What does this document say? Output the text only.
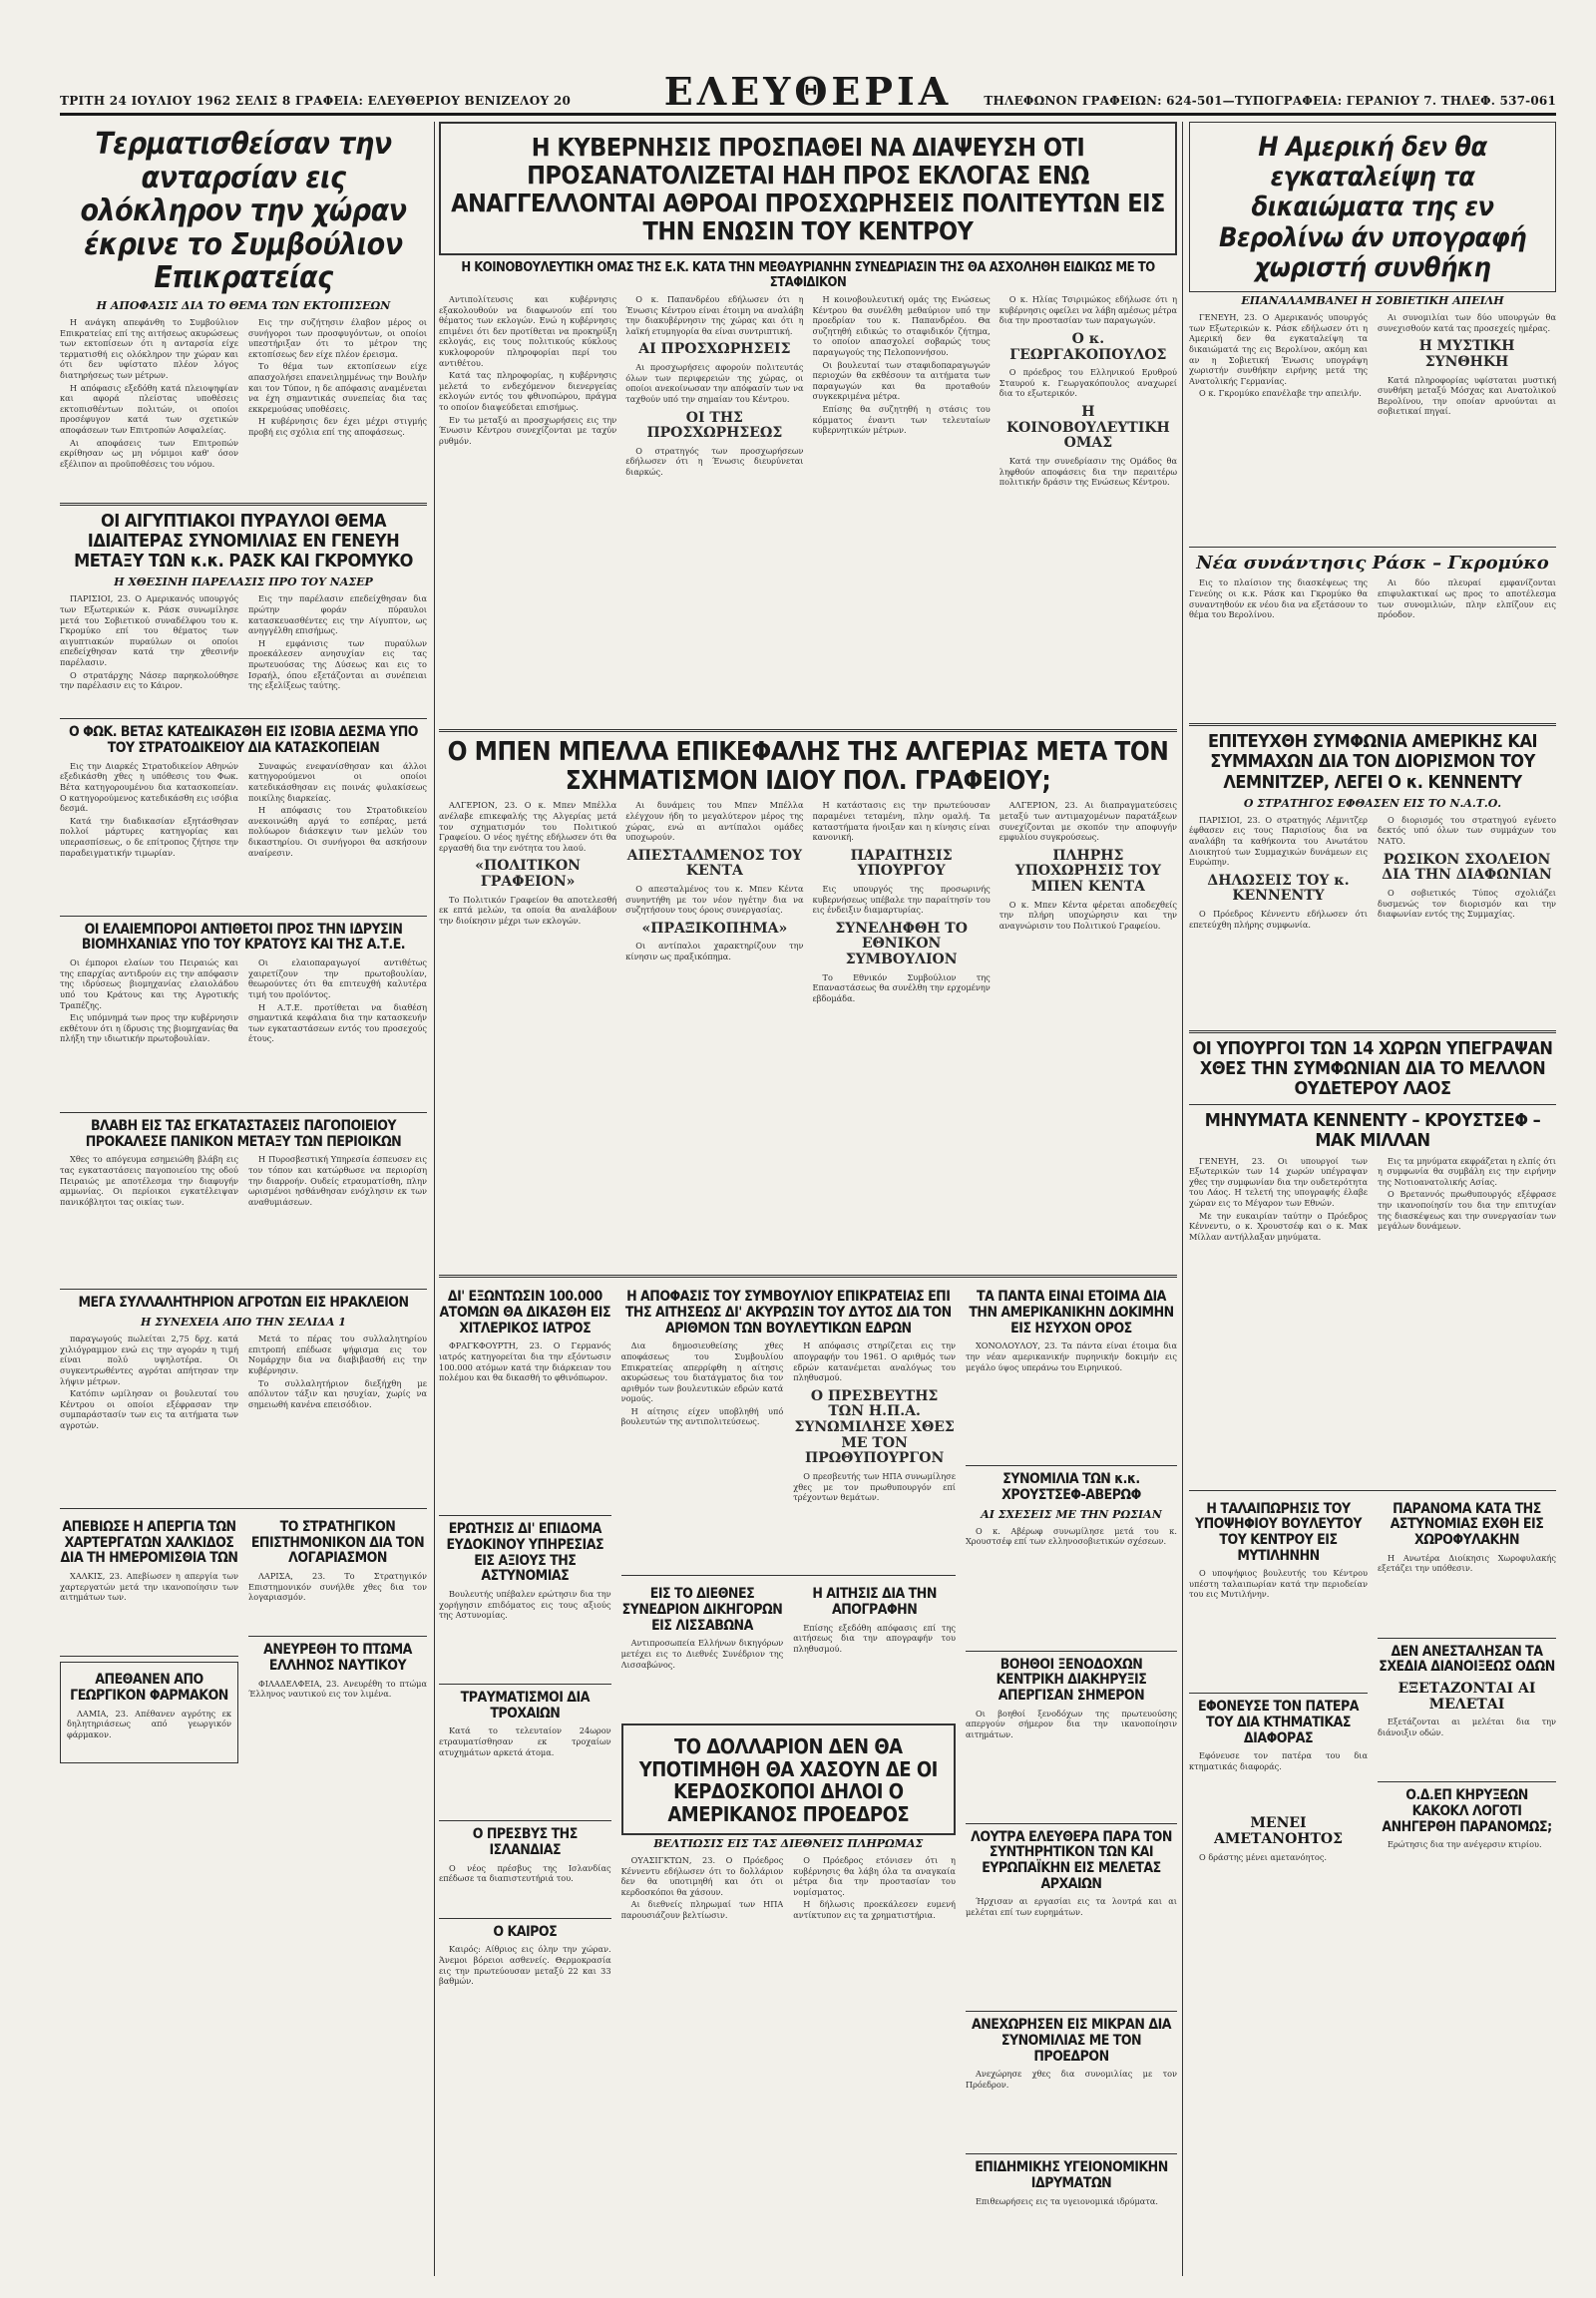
ΤΡΙΤΗ 24 ΙΟΥΛΙΟΥ 1962 ΣΕΛΙΣ 8 ΓΡΑΦΕΙΑ: ΕΛΕΥΘΕΡΙΟΥ ΒΕΝΙΖΕΛΟΥ 20	ΕΛΕΥΘΕΡΙΑ	ΤΗΛΕΦΩΝΟΝ ΓΡΑΦΕΙΩΝ: 624-501—ΤΥΠΟΓΡΑΦΕΙΑ: ΓΕΡΑΝΙΟΥ 7. ΤΗΛΕΦ. 537-061
Τερματισθείσαν την ανταρσίαν εις ολόκληρον την χώραν έκρινε το Συμβούλιον Επικρατείας
Η ΑΠΟΦΑΣΙΣ ΔΙΑ ΤΟ ΘΕΜΑ ΤΩΝ ΕΚΤΟΠΙΣΕΩΝ

Η ανάγκη απεφάνθη το Συμβούλιον Επικρατείας επί της αιτήσεως ακυρώσεως των εκτοπίσεων ότι η ανταρσία είχε τερματισθή εις ολόκληρον την χώραν και ότι δεν υφίστατο πλέον λόγος διατηρήσεως των μέτρων.

Η απόφασις εξεδόθη κατά πλειοψηφίαν και αφορά πλείστας υποθέσεις εκτοπισθέντων πολιτών, οι οποίοι προσέφυγον κατά των σχετικών αποφάσεων των Επιτροπών Ασφαλείας.

Αι αποφάσεις των Επιτροπών εκρίθησαν ως μη νόμιμοι καθ' όσον εξέλιπον αι προϋποθέσεις του νόμου.

Εις την συζήτησιν έλαβον μέρος οι συνήγοροι των προσφυγόντων, οι οποίοι υπεστήριξαν ότι το μέτρον της εκτοπίσεως δεν είχε πλέον έρεισμα.

Το θέμα των εκτοπίσεων είχε απασχολήσει επανειλημμένως την Βουλήν και τον Τύπον, η δε απόφασις αναμένεται να έχη σημαντικάς συνεπείας δια τας εκκρεμούσας υποθέσεις.

Η κυβέρνησις δεν έχει μέχρι στιγμής προβή εις σχόλια επί της αποφάσεως.

ΟΙ ΑΙΓΥΠΤΙΑΚΟΙ ΠΥΡΑΥΛΟΙ ΘΕΜΑ ΙΔΙΑΙΤΕΡΑΣ ΣΥΝΟΜΙΛΙΑΣ ΕΝ ΓΕΝΕΥΗ ΜΕΤΑΞΥ ΤΩΝ κ.κ. ΡΑΣΚ ΚΑΙ ΓΚΡΟΜΥΚΟ
Η ΧΘΕΣΙΝΗ ΠΑΡΕΛΑΣΙΣ ΠΡΟ ΤΟΥ ΝΑΣΕΡ

ΠΑΡΙΣΙΟΙ, 23. Ο Αμερικανός υπουργός των Εξωτερικών κ. Ράσκ συνωμίλησε μετά του Σοβιετικού συναδέλφου του κ. Γκρομύκο επί του θέματος των αιγυπτιακών πυραύλων οι οποίοι επεδείχθησαν κατά την χθεσινήν παρέλασιν.

Ο στρατάρχης Νάσερ παρηκολούθησε την παρέλασιν εις το Κάιρον.

Εις την παρέλασιν επεδείχθησαν δια πρώτην φοράν πύραυλοι κατασκευασθέντες εις την Αίγυπτον, ως ανηγγέλθη επισήμως.

Η εμφάνισις των πυραύλων προεκάλεσεν ανησυχίαν εις τας πρωτευούσας της Δύσεως και εις το Ισραήλ, όπου εξετάζονται αι συνέπειαι της εξελίξεως ταύτης.

Ο ΦΩΚ. ΒΕΤΑΣ ΚΑΤΕΔΙΚΑΣΘΗ ΕΙΣ ΙΣΟΒΙΑ ΔΕΣΜΑ ΥΠΟ ΤΟΥ ΣΤΡΑΤΟΔΙΚΕΙΟΥ ΔΙΑ ΚΑΤΑΣΚΟΠΕΙΑΝ

Εις την Διαρκές Στρατοδικείον Αθηνών εξεδικάσθη χθες η υπόθεσις του Φωκ. Βέτα κατηγορουμένου δια κατασκοπείαν. Ο κατηγορούμενος κατεδικάσθη εις ισόβια δεσμά.

Κατά την διαδικασίαν εξητάσθησαν πολλοί μάρτυρες κατηγορίας και υπερασπίσεως, ο δε επίτροπος ζήτησε την παραδειγματικήν τιμωρίαν.

Συναφώς ενεφανίσθησαν και άλλοι κατηγορούμενοι οι οποίοι κατεδικάσθησαν εις ποινάς φυλακίσεως ποικίλης διαρκείας.

Η απόφασις του Στρατοδικείου ανεκοινώθη αργά το εσπέρας, μετά πολύωρον διάσκεψιν των μελών του δικαστηρίου. Οι συνήγοροι θα ασκήσουν αναίρεσιν.

ΟΙ ΕΛΑΙΕΜΠΟΡΟΙ ΑΝΤΙΘΕΤΟΙ ΠΡΟΣ ΤΗΝ ΙΔΡΥΣΙΝ ΒΙΟΜΗΧΑΝΙΑΣ ΥΠΟ ΤΟΥ ΚΡΑΤΟΥΣ ΚΑΙ ΤΗΣ Α.Τ.Ε.

Οι έμποροι ελαίων του Πειραιώς και της επαρχίας αντιδρούν εις την απόφασιν της ιδρύσεως βιομηχανίας ελαιολάδου υπό του Κράτους και της Αγροτικής Τραπέζης.

Εις υπόμνημά των προς την κυβέρνησιν εκθέτουν ότι η ίδρυσις της βιομηχανίας θα πλήξη την ιδιωτικήν πρωτοβουλίαν.

Οι ελαιοπαραγωγοί αντιθέτως χαιρετίζουν την πρωτοβουλίαν, θεωρούντες ότι θα επιτευχθή καλυτέρα τιμή του προϊόντος.

Η Α.Τ.Ε. προτίθεται να διαθέση σημαντικά κεφάλαια δια την κατασκευήν των εγκαταστάσεων εντός του προσεχούς έτους.

ΒΛΑΒΗ ΕΙΣ ΤΑΣ ΕΓΚΑΤΑΣΤΑΣΕΙΣ ΠΑΓΟΠΟΙΕΙΟΥ ΠΡΟΚΑΛΕΣΕ ΠΑΝΙΚΟΝ ΜΕΤΑΞΥ ΤΩΝ ΠΕΡΙΟΙΚΩΝ

Χθες το απόγευμα εσημειώθη βλάβη εις τας εγκαταστάσεις παγοποιείου της οδού Πειραιώς με αποτέλεσμα την διαφυγήν αμμωνίας. Οι περίοικοι εγκατέλειψαν πανικόβλητοι τας οικίας των.

Η Πυροσβεστική Υπηρεσία έσπευσεν εις τον τόπον και κατώρθωσε να περιορίση την διαρροήν. Ουδείς ετραυματίσθη, πλην ωρισμένοι ησθάνθησαν ενόχλησιν εκ των αναθυμιάσεων.

ΜΕΓΑ ΣΥΛΛΑΛΗΤΗΡΙΟΝ ΑΓΡΟΤΩΝ ΕΙΣ ΗΡΑΚΛΕΙΟΝ
Η ΣΥΝΕΧΕΙΑ ΑΠΟ ΤΗΝ ΣΕΛΙΔΑ 1

παραγωγούς πωλείται 2,75 δρχ. κατά χιλιόγραμμον ενώ εις την αγοράν η τιμή είναι πολύ υψηλοτέρα. Οι συγκεντρωθέντες αγρόται απήτησαν την λήψιν μέτρων.

Κατόπιν ωμίλησαν οι βουλευταί του Κέντρου οι οποίοι εξέφρασαν την συμπαράστασίν των εις τα αιτήματα των αγροτών.

Μετά το πέρας του συλλαλητηρίου επιτροπή επέδωσε ψήφισμα εις τον Νομάρχην δια να διαβιβασθή εις την κυβέρνησιν.

Το συλλαλητήριον διεξήχθη με απόλυτον τάξιν και ησυχίαν, χωρίς να σημειωθή κανένα επεισόδιον.

ΑΠΕΒΙΩΣΕ Η ΑΠΕΡΓΙΑ ΤΩΝ ΧΑΡΤΕΡΓΑΤΩΝ ΧΑΛΚΙΔΟΣ ΔΙΑ ΤΗ ΗΜΕΡΟΜΙΣΘΙΑ ΤΩΝ

ΧΑΛΚΙΣ, 23. Απεβίωσεν η απεργία των χαρτεργατών μετά την ικανοποίησιν των αιτημάτων των.

ΑΠΕΘΑΝΕΝ ΑΠΟ ΓΕΩΡΓΙΚΟΝ ΦΑΡΜΑΚΟΝ

ΛΑΜΙΑ, 23. Απέθανεν αγρότης εκ δηλητηριάσεως από γεωργικόν φάρμακον.

ΤΟ ΣΤΡΑΤΗΓΙΚΟΝ ΕΠΙΣΤΗΜΟΝΙΚΟΝ ΔΙΑ ΤΟΝ ΛΟΓΑΡΙΑΣΜΟΝ

ΛΑΡΙΣΑ, 23. Το Στρατηγικόν Επιστημονικόν συνήλθε χθες δια τον λογαριασμόν.

ΑΝΕΥΡΕΘΗ ΤΟ ΠΤΩΜΑ ΕΛΛΗΝΟΣ ΝΑΥΤΙΚΟΥ

ΦΙΛΑΔΕΛΦΕΙΑ, 23. Ανευρέθη το πτώμα Έλληνος ναυτικού εις τον λιμένα.

Η ΚΥΒΕΡΝΗΣΙΣ ΠΡΟΣΠΑΘΕΙ ΝΑ ΔΙΑΨΕΥΣΗ ΟΤΙ ΠΡΟΣΑΝΑΤΟΛΙΖΕΤΑΙ ΗΔΗ ΠΡΟΣ ΕΚΛΟΓΑΣ ΕΝΩ ΑΝΑΓΓΕΛΛΟΝΤΑΙ ΑΘΡΟΑΙ ΠΡΟΣΧΩΡΗΣΕΙΣ ΠΟΛΙΤΕΥΤΩΝ ΕΙΣ ΤΗΝ ΕΝΩΣΙΝ ΤΟΥ ΚΕΝΤΡΟΥ
Η ΚΟΙΝΟΒΟΥΛΕΥΤΙΚΗ ΟΜΑΣ ΤΗΣ Ε.Κ. ΚΑΤΑ ΤΗΝ ΜΕΘΑΥΡΙΑΝΗΝ ΣΥΝΕΔΡΙΑΣΙΝ ΤΗΣ ΘΑ ΑΣΧΟΛΗΘΗ ΕΙΔΙΚΩΣ ΜΕ ΤΟ ΣΤΑΦΙΔΙΚΟΝ

Αντιπολίτευσις και κυβέρνησις εξακολουθούν να διαφωνούν επί του θέματος των εκλογών. Ενώ η κυβέρνησις επιμένει ότι δεν προτίθεται να προκηρύξη εκλογάς, εις τους πολιτικούς κύκλους κυκλοφορούν πληροφορίαι περί του αντιθέτου.

Κατά τας πληροφορίας, η κυβέρνησις μελετά το ενδεχόμενον διενεργείας εκλογών εντός του φθινοπώρου, πράγμα το οποίον διαψεύδεται επισήμως.

Εν τω μεταξύ αι προσχωρήσεις εις την Ένωσιν Κέντρου συνεχίζονται με ταχύν ρυθμόν.

Ο κ. Παπανδρέου εδήλωσεν ότι η Ένωσις Κέντρου είναι έτοιμη να αναλάβη την διακυβέρνησιν της χώρας και ότι η λαϊκή ετυμηγορία θα είναι συντριπτική.

ΑΙ ΠΡΟΣΧΩΡΗΣΕΙΣ

Αι προσχωρήσεις αφορούν πολιτευτάς όλων των περιφερειών της χώρας, οι οποίοι ανεκοίνωσαν την απόφασίν των να ταχθούν υπό την σημαίαν του Κέντρου.

ΟΙ ΤΗΣ ΠΡΟΣΧΩΡΗΣΕΩΣ

Ο στρατηγός των προσχωρήσεων εδήλωσεν ότι η Ένωσις διευρύνεται διαρκώς.

Η κοινοβουλευτική ομάς της Ενώσεως Κέντρου θα συνέλθη μεθαύριον υπό την προεδρίαν του κ. Παπανδρέου. Θα συζητηθή ειδικώς το σταφιδικόν ζήτημα, το οποίον απασχολεί σοβαρώς τους παραγωγούς της Πελοποννήσου.

Οι βουλευταί των σταφιδοπαραγωγών περιοχών θα εκθέσουν τα αιτήματα των παραγωγών και θα προταθούν συγκεκριμένα μέτρα.

Επίσης θα συζητηθή η στάσις του κόμματος έναντι των τελευταίων κυβερνητικών μέτρων.

Ο κ. Ηλίας Τσιριμώκος εδήλωσε ότι η κυβέρνησις οφείλει να λάβη αμέσως μέτρα δια την προστασίαν των παραγωγών.

Ο κ. ΓΕΩΡΓΑΚΟΠΟΥΛΟΣ

Ο πρόεδρος του Ελληνικού Ερυθρού Σταυρού κ. Γεωργακόπουλος αναχωρεί δια το εξωτερικόν.

Η ΚΟΙΝΟΒΟΥΛΕΥΤΙΚΗ ΟΜΑΣ

Κατά την συνεδρίασιν της Ομάδος θα ληφθούν αποφάσεις δια την περαιτέρω πολιτικήν δράσιν της Ενώσεως Κέντρου.

Ο ΜΠΕΝ ΜΠΕΛΛΑ ΕΠΙΚΕΦΑΛΗΣ ΤΗΣ ΑΛΓΕΡΙΑΣ ΜΕΤΑ ΤΟΝ ΣΧΗΜΑΤΙΣΜΟΝ ΙΔΙΟΥ ΠΟΛ. ΓΡΑΦΕΙΟΥ;

ΑΛΓΕΡΙΟΝ, 23. Ο κ. Μπεν Μπέλλα ανέλαβε επικεφαλής της Αλγερίας μετά τον σχηματισμόν του Πολιτικού Γραφείου. Ο νέος ηγέτης εδήλωσεν ότι θα εργασθή δια την ενότητα του λαού.

«ΠΟΛΙΤΙΚΟΝ ΓΡΑΦΕΙΟΝ»

Το Πολιτικόν Γραφείον θα αποτελεσθή εκ επτά μελών, τα οποία θα αναλάβουν την διοίκησιν μέχρι των εκλογών.

Αι δυνάμεις του Μπεν Μπέλλα ελέγχουν ήδη το μεγαλύτερον μέρος της χώρας, ενώ αι αντίπαλοι ομάδες υποχωρούν.

ΑΠΕΣΤΑΛΜΕΝΟΣ ΤΟΥ ΚΕΝΤΑ

Ο απεσταλμένος του κ. Μπεν Κέντα συνηντήθη με τον νέον ηγέτην δια να συζητήσουν τους όρους συνεργασίας.

«ΠΡΑΞΙΚΟΠΗΜΑ»

Οι αντίπαλοι χαρακτηρίζουν την κίνησιν ως πραξικόπημα.

Η κατάστασις εις την πρωτεύουσαν παραμένει τεταμένη, πλην ομαλή. Τα καταστήματα ήνοιξαν και η κίνησις είναι κανονική.

ΠΑΡΑΙΤΗΣΙΣ ΥΠΟΥΡΓΟΥ

Εις υπουργός της προσωρινής κυβερνήσεως υπέβαλε την παραίτησίν του εις ένδειξιν διαμαρτυρίας.

ΣΥΝΕΛΗΦΘΗ ΤΟ ΕΘΝΙΚΟΝ ΣΥΜΒΟΥΛΙΟΝ

Το Εθνικόν Συμβούλιον της Επαναστάσεως θα συνέλθη την ερχομένην εβδομάδα.

ΑΛΓΕΡΙΟΝ, 23. Αι διαπραγματεύσεις μεταξύ των αντιμαχομένων παρατάξεων συνεχίζονται με σκοπόν την αποφυγήν εμφυλίου συγκρούσεως.

ΠΛΗΡΗΣ ΥΠΟΧΩΡΗΣΙΣ ΤΟΥ ΜΠΕΝ ΚΕΝΤΑ

Ο κ. Μπεν Κέντα φέρεται αποδεχθείς την πλήρη υποχώρησιν και την αναγνώρισιν του Πολιτικού Γραφείου.

ΔΙ' ΕΞΩΝΤΩΣΙΝ 100.000 ΑΤΟΜΩΝ ΘΑ ΔΙΚΑΣΘΗ ΕΙΣ ΧΙΤΛΕΡΙΚΟΣ ΙΑΤΡΟΣ

ΦΡΑΓΚΦΟΥΡΤΗ, 23. Ο Γερμανός ιατρός κατηγορείται δια την εξόντωσιν 100.000 ατόμων κατά την διάρκειαν του πολέμου και θα δικασθή το φθινόπωρον.

ΕΡΩΤΗΣΙΣ ΔΙ' ΕΠΙΔΟΜΑ ΕΥΔΟΚΙΝΟΥ ΥΠΗΡΕΣΙΑΣ ΕΙΣ ΑΞΙΟΥΣ ΤΗΣ ΑΣΤΥΝΟΜΙΑΣ

Βουλευτής υπέβαλεν ερώτησιν δια την χορήγησιν επιδόματος εις τους αξιούς της Αστυνομίας.

ΤΡΑΥΜΑΤΙΣΜΟΙ ΔΙΑ ΤΡΟΧΑΙΩΝ

Κατά το τελευταίον 24ωρον ετραυματίσθησαν εκ τροχαίων ατυχημάτων αρκετά άτομα.

Ο ΠΡΕΣΒΥΣ ΤΗΣ ΙΣΛΑΝΔΙΑΣ

Ο νέος πρέσβυς της Ισλανδίας επέδωσε τα διαπιστευτήριά του.

Ο ΚΑΙΡΟΣ

Καιρός: Αίθριος εις όλην την χώραν. Άνεμοι βόρειοι ασθενείς. Θερμοκρασία εις την πρωτεύουσαν μεταξύ 22 και 33 βαθμών.

Η ΑΠΟΦΑΣΙΣ ΤΟΥ ΣΥΜΒΟΥΛΙΟΥ ΕΠΙΚΡΑΤΕΙΑΣ ΕΠΙ ΤΗΣ ΑΙΤΗΣΕΩΣ ΔΙ' ΑΚΥΡΩΣΙΝ ΤΟΥ ΔΥΤΟΣ ΔΙΑ ΤΟΝ ΑΡΙΘΜΟΝ ΤΩΝ ΒΟΥΛΕΥΤΙΚΩΝ ΕΔΡΩΝ

Δια δημοσιευθείσης χθες αποφάσεως του Συμβουλίου Επικρατείας απερρίφθη η αίτησις ακυρώσεως του διατάγματος δια τον αριθμόν των βουλευτικών εδρών κατά νομούς.

Η αίτησις είχεν υποβληθή υπό βουλευτών της αντιπολιτεύσεως.

Η απόφασις στηρίζεται εις την απογραφήν του 1961. Ο αριθμός των εδρών κατανέμεται αναλόγως του πληθυσμού.

Ο ΠΡΕΣΒΕΥΤΗΣ ΤΩΝ Η.Π.Α. ΣΥΝΩΜΙΛΗΣΕ ΧΘΕΣ ΜΕ ΤΟΝ ΠΡΩΘΥΠΟΥΡΓΟΝ

Ο πρεσβευτής των ΗΠΑ συνωμίλησε χθες με τον πρωθυπουργόν επί τρέχοντων θεμάτων.

ΕΙΣ ΤΟ ΔΙΕΘΝΕΣ ΣΥΝΕΔΡΙΟΝ ΔΙΚΗΓΟΡΩΝ ΕΙΣ ΛΙΣΣΑΒΩΝΑ

Αντιπροσωπεία Ελλήνων δικηγόρων μετέχει εις το Διεθνές Συνέδριον της Λισσαβώνος.

Η ΑΙΤΗΣΙΣ ΔΙΑ ΤΗΝ ΑΠΟΓΡΑΦΗΝ

Επίσης εξεδόθη απόφασις επί της αιτήσεως δια την απογραφήν του πληθυσμού.

ΤΟ ΔΟΛΛΑΡΙΟΝ ΔΕΝ ΘΑ ΥΠΟΤΙΜΗΘΗ ΘΑ ΧΑΣΟΥΝ ΔΕ ΟΙ ΚΕΡΔΟΣΚΟΠΟΙ ΔΗΛΟΙ Ο ΑΜΕΡΙΚΑΝΟΣ ΠΡΟΕΔΡΟΣ
ΒΕΛΤΙΩΣΙΣ ΕΙΣ ΤΑΣ ΔΙΕΘΝΕΙΣ ΠΛΗΡΩΜΑΣ

ΟΥΑΣΙΓΚΤΩΝ, 23. Ο Πρόεδρος Κέννεντυ εδήλωσεν ότι το δολλάριον δεν θα υποτιμηθή και ότι οι κερδοσκόποι θα χάσουν.

Αι διεθνείς πληρωμαί των ΗΠΑ παρουσιάζουν βελτίωσιν.

Ο Πρόεδρος ετόνισεν ότι η κυβέρνησις θα λάβη όλα τα αναγκαία μέτρα δια την προστασίαν του νομίσματος.

Η δήλωσις προεκάλεσεν ευμενή αντίκτυπον εις τα χρηματιστήρια.

ΤΑ ΠΑΝΤΑ ΕΙΝΑΙ ΕΤΟΙΜΑ ΔΙΑ ΤΗΝ ΑΜΕΡΙΚΑΝΙΚΗΝ ΔΟΚΙΜΗΝ ΕΙΣ ΗΣΥΧΟΝ ΟΡΟΣ

ΧΟΝΟΛΟΥΛΟΥ, 23. Τα πάντα είναι έτοιμα δια την νέαν αμερικανικήν πυρηνικήν δοκιμήν εις μεγάλο ύψος υπεράνω του Ειρηνικού.

ΣΥΝΟΜΙΛΙΑ ΤΩΝ κ.κ. ΧΡΟΥΣΤΣΕΦ-ΑΒΕΡΩΦ
ΑΙ ΣΧΕΣΕΙΣ ΜΕ ΤΗΝ ΡΩΣΙΑΝ

Ο κ. Αβέρωφ συνωμίλησε μετά του κ. Χρουστσέφ επί των ελληνοσοβιετικών σχέσεων.

ΒΟΗΘΟΙ ΞΕΝΟΔΟΧΩΝ ΚΕΝΤΡΙΚΗ ΔΙΑΚΗΡΥΞΙΣ ΑΠΕΡΓΙΣΑΝ ΣΗΜΕΡΟΝ

Οι βοηθοί ξενοδόχων της πρωτευούσης απεργούν σήμερον δια την ικανοποίησιν αιτημάτων.

ΛΟΥΤΡΑ ΕΛΕΥΘΕΡΑ ΠΑΡΑ ΤΟΝ ΣΥΝΤΗΡΗΤΙΚΟΝ ΤΩΝ ΚΑΙ ΕΥΡΩΠΑΪΚΗΝ ΕΙΣ ΜΕΛΕΤΑΣ ΑΡΧΑΙΩΝ

Ήρχισαν αι εργασίαι εις τα λουτρά και αι μελέται επί των ευρημάτων.

ΑΝΕΧΩΡΗΣΕΝ ΕΙΣ ΜΙΚΡΑΝ ΔΙΑ ΣΥΝΟΜΙΛΙΑΣ ΜΕ ΤΟΝ ΠΡΟΕΔΡΟΝ

Ανεχώρησε χθες δια συνομιλίας με τον Πρόεδρον.

ΕΠΙΔΗΜΙΚΗΣ ΥΓΕΙΟΝΟΜΙΚΗΝ ΙΔΡΥΜΑΤΩΝ

Επιθεωρήσεις εις τα υγειονομικά ιδρύματα.

Η Αμερική δεν θα εγκαταλείψη τα δικαιώματα της εν Βερολίνω άν υπογραφή χωριστή συνθήκη
ΕΠΑΝΑΛΑΜΒΑΝΕΙ Η ΣΟΒΙΕΤΙΚΗ ΑΠΕΙΛΗ

ΓΕΝΕΥΗ, 23. Ο Αμερικανός υπουργός των Εξωτερικών κ. Ράσκ εδήλωσεν ότι η Αμερική δεν θα εγκαταλείψη τα δικαιώματά της εις Βερολίνον, ακόμη και αν η Σοβιετική Ένωσις υπογράψη χωριστήν συνθήκην ειρήνης μετά της Ανατολικής Γερμανίας.

Ο κ. Γκρομύκο επανέλαβε την απειλήν.

Αι συνομιλίαι των δύο υπουργών θα συνεχισθούν κατά τας προσεχείς ημέρας.

Η ΜΥΣΤΙΚΗ ΣΥΝΘΗΚΗ

Κατά πληροφορίας υφίσταται μυστική συνθήκη μεταξύ Μόσχας και Ανατολικού Βερολίνου, την οποίαν αρνούνται αι σοβιετικαί πηγαί.

Νέα συνάντησις Ράσκ – Γκρομύκο

Εις το πλαίσιον της διασκέψεως της Γενεύης οι κ.κ. Ράσκ και Γκρομύκο θα συναντηθούν εκ νέου δια να εξετάσουν το θέμα του Βερολίνου.

Αι δύο πλευραί εμφανίζονται επιφυλακτικαί ως προς το αποτέλεσμα των συνομιλιών, πλην ελπίζουν εις πρόοδον.

ΕΠΙΤΕΥΧΘΗ ΣΥΜΦΩΝΙΑ ΑΜΕΡΙΚΗΣ ΚΑΙ ΣΥΜΜΑΧΩΝ ΔΙΑ ΤΟΝ ΔΙΟΡΙΣΜΟΝ ΤΟΥ ΛΕΜΝΙΤΖΕΡ, ΛΕΓΕΙ Ο κ. ΚΕΝΝΕΝΤΥ
Ο ΣΤΡΑΤΗΓΟΣ ΕΦΘΑΣΕΝ ΕΙΣ ΤΟ Ν.Α.Τ.Ο.

ΠΑΡΙΣΙΟΙ, 23. Ο στρατηγός Λέμνιτζερ έφθασεν εις τους Παρισίους δια να αναλάβη τα καθήκοντα του Ανωτάτου Διοικητού των Συμμαχικών δυνάμεων εις Ευρώπην.

ΔΗΛΩΣΕΙΣ ΤΟΥ κ. ΚΕΝΝΕΝΤΥ

Ο Πρόεδρος Κέννεντυ εδήλωσεν ότι επετεύχθη πλήρης συμφωνία.

Ο διορισμός του στρατηγού εγένετο δεκτός υπό όλων των συμμάχων του ΝΑΤΟ.

ΡΩΣΙΚΟΝ ΣΧΟΛΕΙΟΝ ΔΙΑ ΤΗΝ ΔΙΑΦΩΝΙΑΝ

Ο σοβιετικός Τύπος σχολιάζει δυσμενώς τον διορισμόν και την διαφωνίαν εντός της Συμμαχίας.

ΟΙ ΥΠΟΥΡΓΟΙ ΤΩΝ 14 ΧΩΡΩΝ ΥΠΕΓΡΑΨΑΝ ΧΘΕΣ ΤΗΝ ΣΥΜΦΩΝΙΑΝ ΔΙΑ ΤΟ ΜΕΛΛΟΝ ΟΥΔΕΤΕΡΟΥ ΛΑΟΣ
ΜΗΝΥΜΑΤΑ ΚΕΝΝΕΝΤΥ – ΚΡΟΥΣΤΣΕΦ – ΜΑΚ ΜΙΛΛΑΝ

ΓΕΝΕΥΗ, 23. Οι υπουργοί των Εξωτερικών των 14 χωρών υπέγραψαν χθες την συμφωνίαν δια την ουδετερότητα του Λάος. Η τελετή της υπογραφής έλαβε χώραν εις το Μέγαρον των Εθνών.

Με την ευκαιρίαν ταύτην ο Πρόεδρος Κέννεντυ, ο κ. Χρουστσέφ και ο κ. Μακ Μίλλαν αντήλλαξαν μηνύματα.

Εις τα μηνύματα εκφράζεται η ελπίς ότι η συμφωνία θα συμβάλη εις την ειρήνην της Νοτιοανατολικής Ασίας.

Ο Βρεταννός πρωθυπουργός εξέφρασε την ικανοποίησίν του δια την επιτυχίαν της διασκέψεως και την συνεργασίαν των μεγάλων δυνάμεων.

Η ΤΑΛΑΙΠΩΡΗΣΙΣ ΤΟΥ ΥΠΟΨΗΦΙΟΥ ΒΟΥΛΕΥΤΟΥ ΤΟΥ ΚΕΝΤΡΟΥ ΕΙΣ ΜΥΤΙΛΗΝΗΝ

Ο υποψήφιος βουλευτής του Κέντρου υπέστη ταλαιπωρίαν κατά την περιοδείαν του εις Μυτιλήνην.

ΕΦΟΝΕΥΣΕ ΤΟΝ ΠΑΤΕΡΑ ΤΟΥ ΔΙΑ ΚΤΗΜΑΤΙΚΑΣ ΔΙΑΦΟΡΑΣ

Εφόνευσε τον πατέρα του δια κτηματικάς διαφοράς.

ΜΕΝΕΙ ΑΜΕΤΑΝΟΗΤΟΣ

Ο δράστης μένει αμετανόητος.

ΠΑΡΑΝΟΜΑ ΚΑΤΑ ΤΗΣ ΑΣΤΥΝΟΜΙΑΣ ΕΧΘΗ ΕΙΣ ΧΩΡΟΦΥΛΑΚΗΝ

Η Ανωτέρα Διοίκησις Χωροφυλακής εξετάζει την υπόθεσιν.

ΔΕΝ ΑΝΕΣΤΑΛΗΣΑΝ ΤΑ ΣΧΕΔΙΑ ΔΙΑΝΟΙΞΕΩΣ ΟΔΩΝ
ΕΞΕΤΑΖΟΝΤΑΙ ΑΙ ΜΕΛΕΤΑΙ

Εξετάζονται αι μελέται δια την διάνοιξιν οδών.

Ο.Δ.ΕΠ ΚΗΡΥΞΕΩΝ ΚΑΚΟΚΛ ΛΟΓΟΤΙ ΑΝΗΓΕΡΘΗ ΠΑΡΑΝΟΜΩΣ;

Ερώτησις δια την ανέγερσιν κτιρίου.
